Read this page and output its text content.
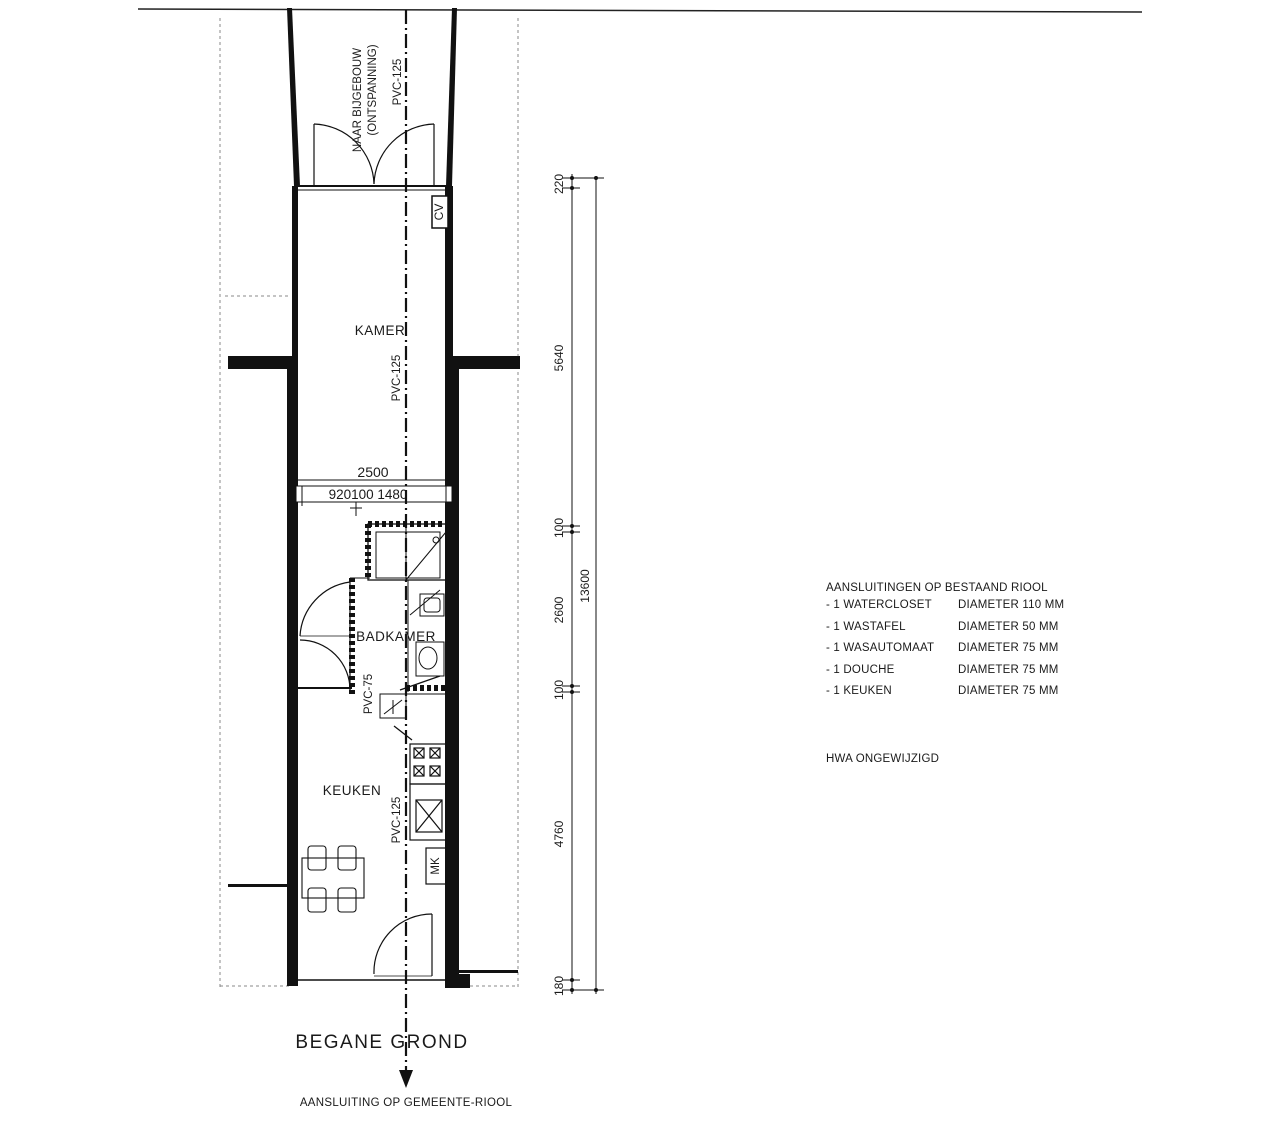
CV
2500
920100 1480
MK
NAAR BIJGEBOUW (ONTSPANNING) PVC-125
PVC-125
PVC-125
PVC-75
KAMER
BADKAMER
KEUKEN
BEGANE GROND
AANSLUITING OP GEMEENTE-RIOOL
220
5640
100
2600
100
4760
180
13600	AANSLUITINGEN OP BESTAAND RIOOL
- 1 WATERCLOSET	DIAMETER 110 MM
- 1 WASTAFEL	DIAMETER 50 MM
- 1 WASAUTOMAAT	DIAMETER 75 MM
- 1 DOUCHE	DIAMETER 75 MM
- 1 KEUKEN	DIAMETER 75 MM
HWA ONGEWIJZIGD
